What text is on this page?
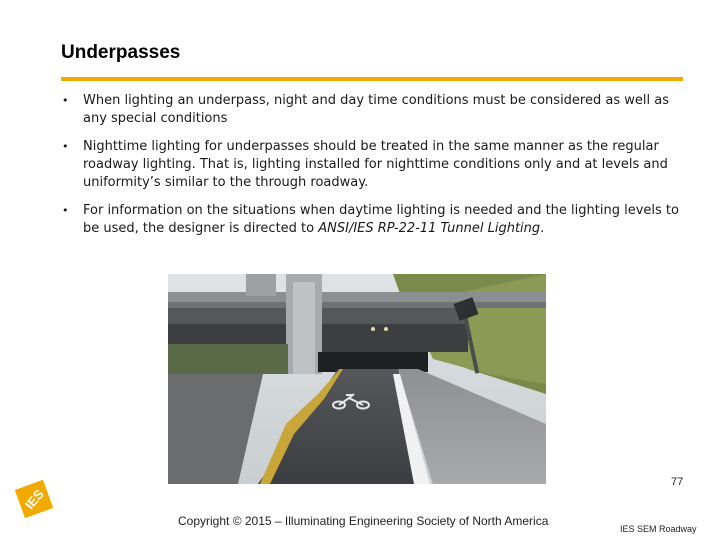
Underpasses
•	When lighting an underpass, night and day time conditions must be considered as well as any special conditions
•	Nighttime lighting for underpasses should be treated in the same manner as the regular roadway lighting. That is, lighting installed for nighttime conditions only and at levels and uniformity’s similar to the through roadway.
•	For information on the situations when daytime lighting is needed and the lighting levels to be used, the designer is directed to ANSI/IES RP-22-11 Tunnel Lighting.
IES
Copyright © 2015 – Illuminating Engineering Society of North America
77
IES SEM Roadway
